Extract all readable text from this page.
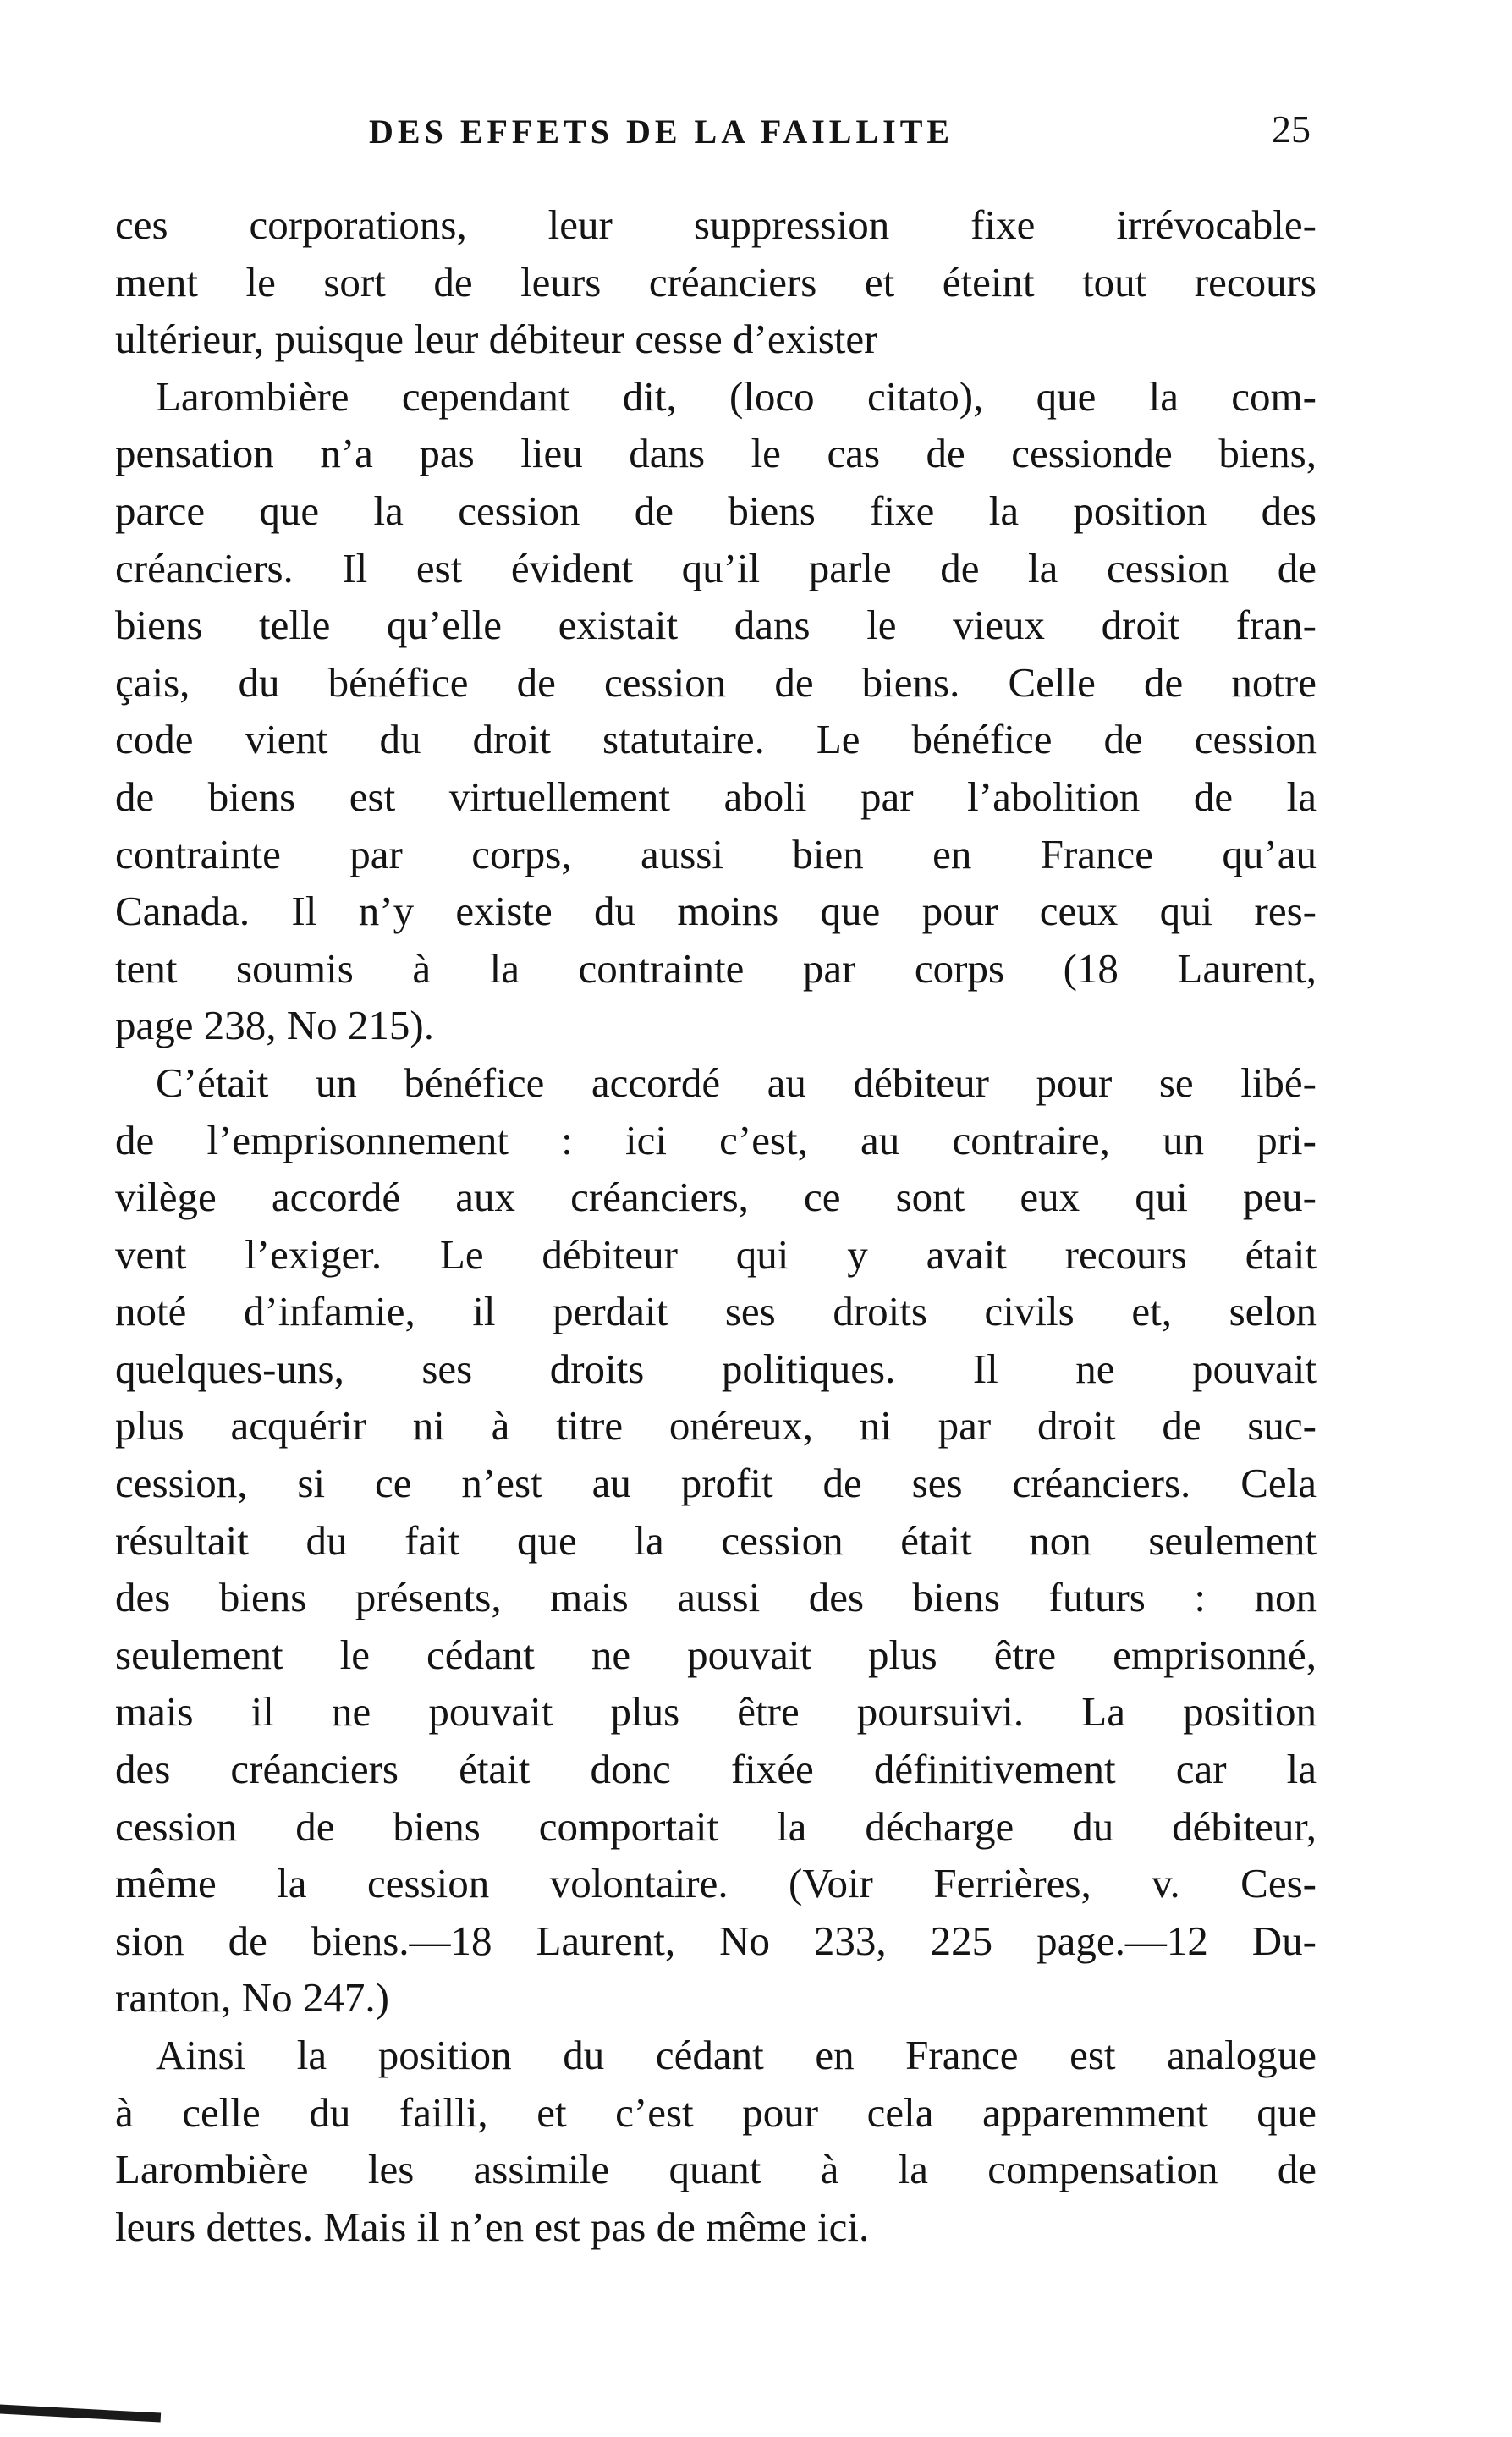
DES EFFETS DE LA FAILLITE	25
ces corporations, leur suppression fixe irrévocable-
ment le sort de leurs créanciers et éteint tout recours
ultérieur, puisque leur débiteur cesse d’exister
Larombière cependant dit, (loco citato), que la com-
pensation n’a pas lieu dans le cas de cessionde biens,
parce que la cession de biens fixe la position des
créanciers. Il est évident qu’il parle de la cession de
biens telle qu’elle existait dans le vieux droit fran-
çais, du bénéfice de cession de biens. Celle de notre
code vient du droit statutaire. Le bénéfice de cession
de biens est virtuellement aboli par l’abolition de la
contrainte par corps, aussi bien en France qu’au
Canada. Il n’y existe du moins que pour ceux qui res-
tent soumis à la contrainte par corps (18 Laurent,
page 238, No 215).
C’était un bénéfice accordé au débiteur pour se libé-
de l’emprisonnement : ici c’est, au contraire, un pri-
vilège accordé aux créanciers, ce sont eux qui peu-
vent l’exiger. Le débiteur qui y avait recours était
noté d’infamie, il perdait ses droits civils et, selon
quelques-uns, ses droits politiques. Il ne pouvait
plus acquérir ni à titre onéreux, ni par droit de suc-
cession, si ce n’est au profit de ses créanciers. Cela
résultait du fait que la cession était non seulement
des biens présents, mais aussi des biens futurs : non
seulement le cédant ne pouvait plus être emprisonné,
mais il ne pouvait plus être poursuivi. La position
des créanciers était donc fixée définitivement car la
cession de biens comportait la décharge du débiteur,
même la cession volontaire. (Voir Ferrières, v. Ces-
sion de biens.—18 Laurent, No 233, 225 page.—12 Du-
ranton, No 247.)
Ainsi la position du cédant en France est analogue
à celle du failli, et c’est pour cela apparemment que
Larombière les assimile quant à la compensation de
leurs dettes. Mais il n’en est pas de même ici.
